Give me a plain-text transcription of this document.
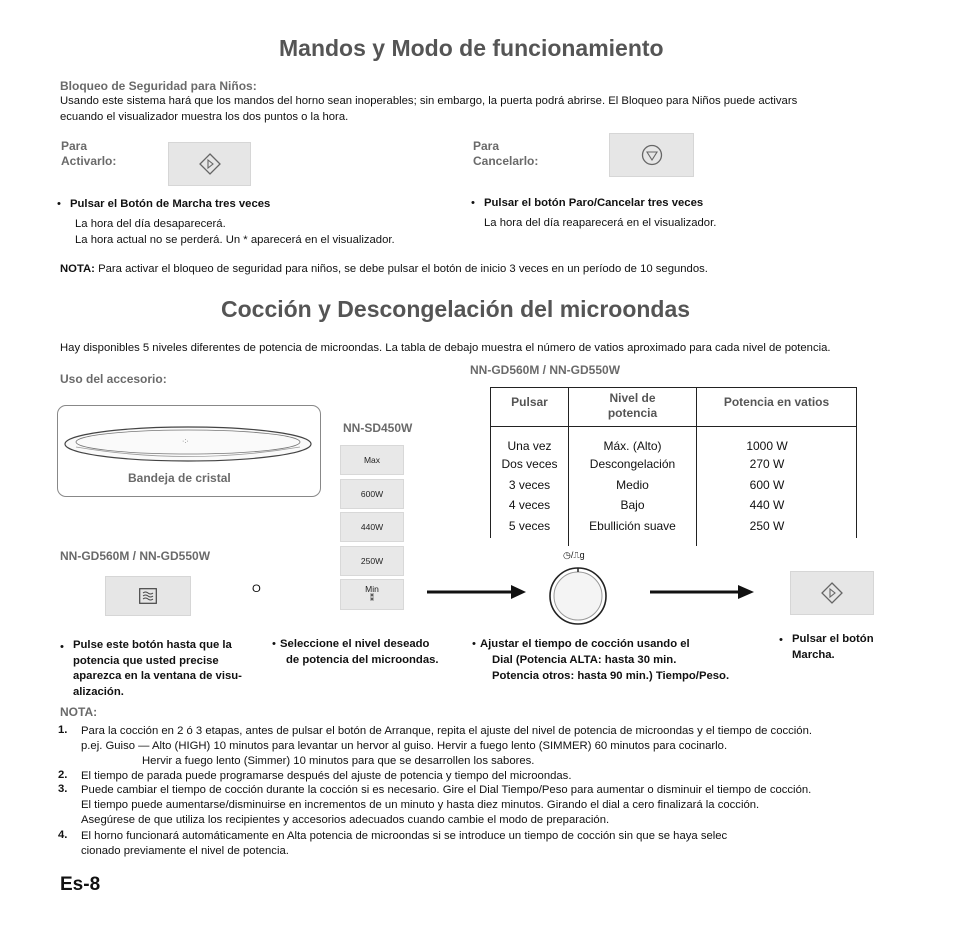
Mandos y Modo de funcionamiento
Bloqueo de Seguridad para Niños:
Usando este sistema hará que los mandos del horno sean inoperables; sin embargo, la puerta podrá abrirse. El Bloqueo para Niños puede activars
ecuando el visualizador muestra los dos puntos o la hora.
Para
Activarlo:
Para
Cancelarlo:
• Pulsar el Botón de Marcha tres veces
La hora del día desaparecerá.
La hora actual no se perderá. Un * aparecerá en el visualizador.
• Pulsar el botón Paro/Cancelar tres veces
La hora del día reaparecerá en el visualizador.
NOTA: Para activar el bloqueo de seguridad para niños, se debe pulsar el botón de inicio 3 veces en un período de 10 segundos.
Cocción y Descongelación del microondas
Hay disponibles 5 niveles diferentes de potencia de microondas. La tabla de debajo muestra el número de vatios aproximado para cada nivel de potencia.
Uso del accesorio:
NN-GD560M / NN-GD550W
·:·
Bandeja de cristal
NN-SD450W
Max
600W
440W
250W
Min
⁑
Pulsar	Nivel de potencia	Potencia en vatios
Una vez	Máx. (Alto)	1000 W
Dos veces	Descongelación	270 W
3 veces	Medio	600 W
4 veces	Bajo	440 W
5 veces	Ebullición suave	250 W

NN-GD560M / NN-GD550W
O
◷/⎍g
• Pulse este botón hasta que la
potencia que usted precise
aparezca en la ventana de visu-
alización.
• Seleccione el nivel deseado
de potencia del microondas.
• Ajustar el tiempo de cocción usando el
Dial (Potencia ALTA: hasta 30 min.
Potencia otros: hasta 90 min.) Tiempo/Peso.
• Pulsar el botón
Marcha.
NOTA:
1. Para la cocción en 2 ó 3 etapas, antes de pulsar el botón de Arranque, repita el ajuste del nivel de potencia de microondas y el tiempo de cocción.
p.ej. Guiso — Alto (HIGH) 10 minutos para levantar un hervor al guiso. Hervir a fuego lento (SIMMER) 60 minutos para cocinarlo.
Hervir a fuego lento (Simmer) 10 minutos para que se desarrollen los sabores.
2. El tiempo de parada puede programarse después del ajuste de potencia y tiempo del microondas.
3. Puede cambiar el tiempo de cocción durante la cocción si es necesario. Gire el Dial Tiempo/Peso para aumentar o disminuir el tiempo de cocción.
El tiempo puede aumentarse/disminuirse en incrementos de un minuto y hasta diez minutos. Girando el dial a cero finalizará la cocción.
Asegúrese de que utiliza los recipientes y accesorios adecuados cuando cambie el modo de preparación.
4. El horno funcionará automáticamente en Alta potencia de microondas si se introduce un tiempo de cocción sin que se haya selec
cionado previamente el nivel de potencia.
Es-8
